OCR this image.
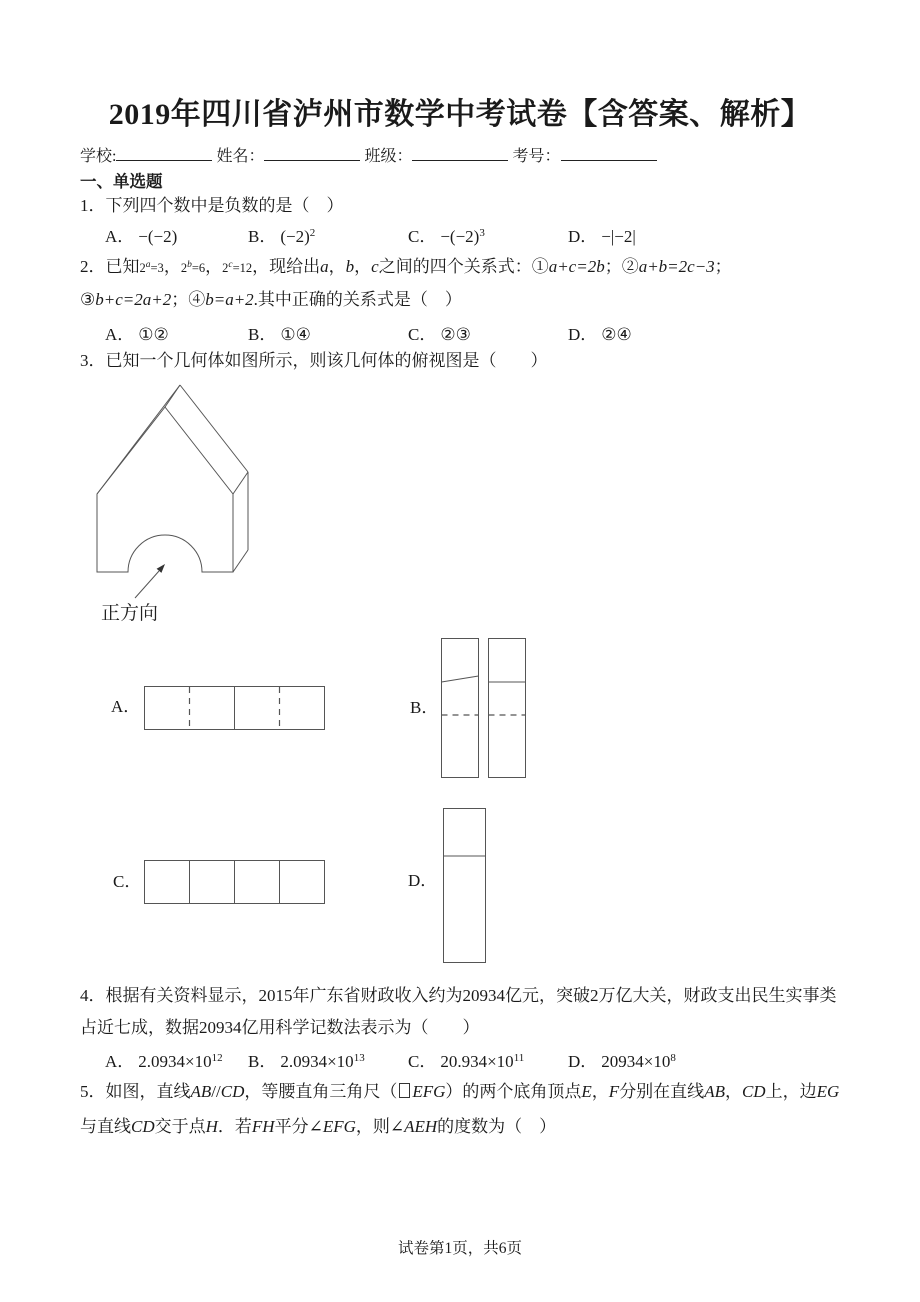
2019年四川省泸州市数学中考试卷【含答案、解析】
学校:	姓名：	班级：	考号：
一、单选题
1．下列四个数中是负数的是（　）
A． −(−2)	B． $(-2)^2$	C． $-(-2)^3$	D． −|−2|
2．已知$2^a=3$，$2^b=6$，$2^c=12$，现给出a，b，c之间的四个关系式：①a+c=2b；②a+b=2c−3；
③b+c=2a+2；④b=a+2.其中正确的关系式是（　）
A． ①②	B． ①④	C． ②③	D． ②④
3．已知一个几何体如图所示，则该几何体的俯视图是（　　）
正方向
A．	B．
C．	D．
4．根据有关资料显示，2015年广东省财政收入约为20934亿元，突破2万亿大关，财政支出民生实事类
占近七成，数据20934亿用科学记数法表示为（　　）
A． $2.0934\times 10^{12}$	B． $2.0934\times 10^{13}$	C． $20.934\times 10^{11}$	D． $20934\times 10^8$
5．如图，直线AB//CD，等腰直角三角尺（ EFG）的两个底角顶点E，F分别在直线AB，CD上，边EG
与直线CD交于点H．若FH平分∠EFG，则∠AEH的度数为（　）
试卷第1页，共6页
